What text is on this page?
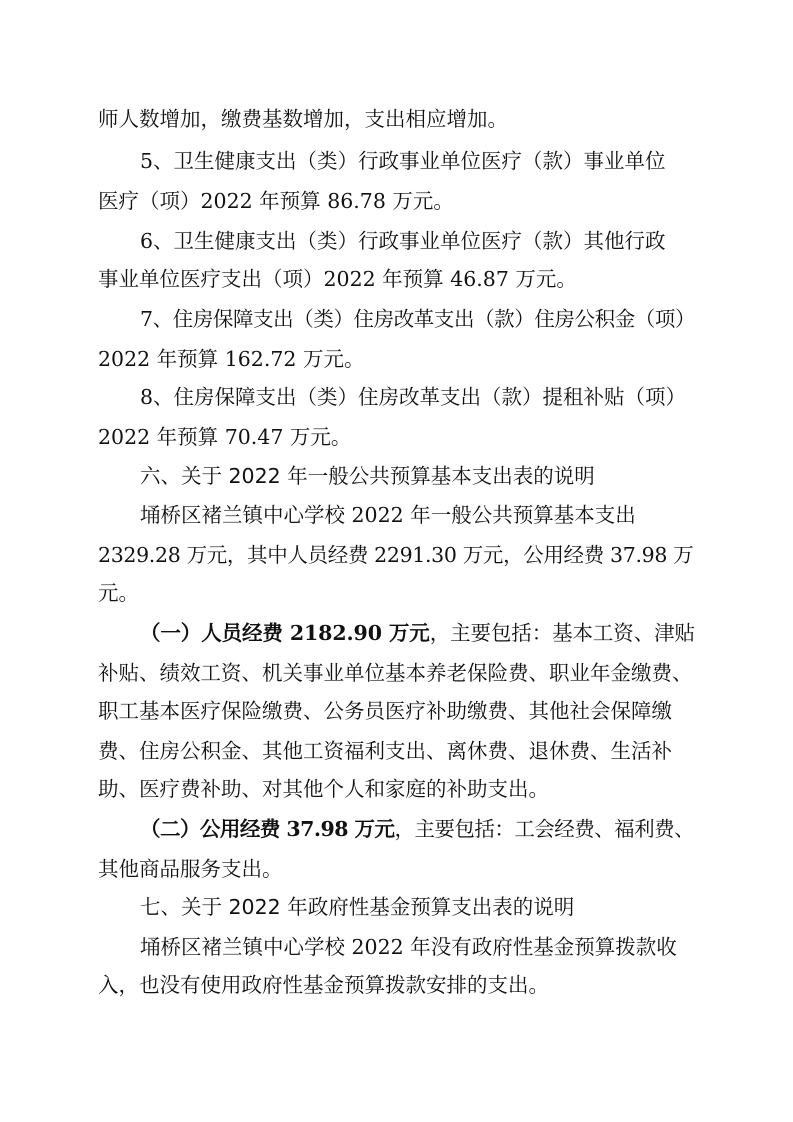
师人数增加，缴费基数增加，支出相应增加。
5、卫生健康支出（类）行政事业单位医疗（款）事业单位
医疗（项）2022 年预算 86.78 万元。
6、卫生健康支出（类）行政事业单位医疗（款）其他行政
事业单位医疗支出（项）2022 年预算 46.87 万元。
7、住房保障支出（类）住房改革支出（款）住房公积金（项）
2022 年预算 162.72 万元。
8、住房保障支出（类）住房改革支出（款）提租补贴（项）
2022 年预算 70.47 万元。
六、关于 2022 年一般公共预算基本支出表的说明
埇桥区褚兰镇中心学校 2022 年一般公共预算基本支出
2329.28 万元，其中人员经费 2291.30 万元，公用经费 37.98 万
元。
（一）人员经费 2182.90 万元，主要包括：基本工资、津贴
补贴、绩效工资、机关事业单位基本养老保险费、职业年金缴费、
职工基本医疗保险缴费、公务员医疗补助缴费、其他社会保障缴
费、住房公积金、其他工资福利支出、离休费、退休费、生活补
助、医疗费补助、对其他个人和家庭的补助支出。
（二）公用经费 37.98 万元，主要包括：工会经费、福利费、
其他商品服务支出。
七、关于 2022 年政府性基金预算支出表的说明
埇桥区褚兰镇中心学校 2022 年没有政府性基金预算拨款收
入，也没有使用政府性基金预算拨款安排的支出。
